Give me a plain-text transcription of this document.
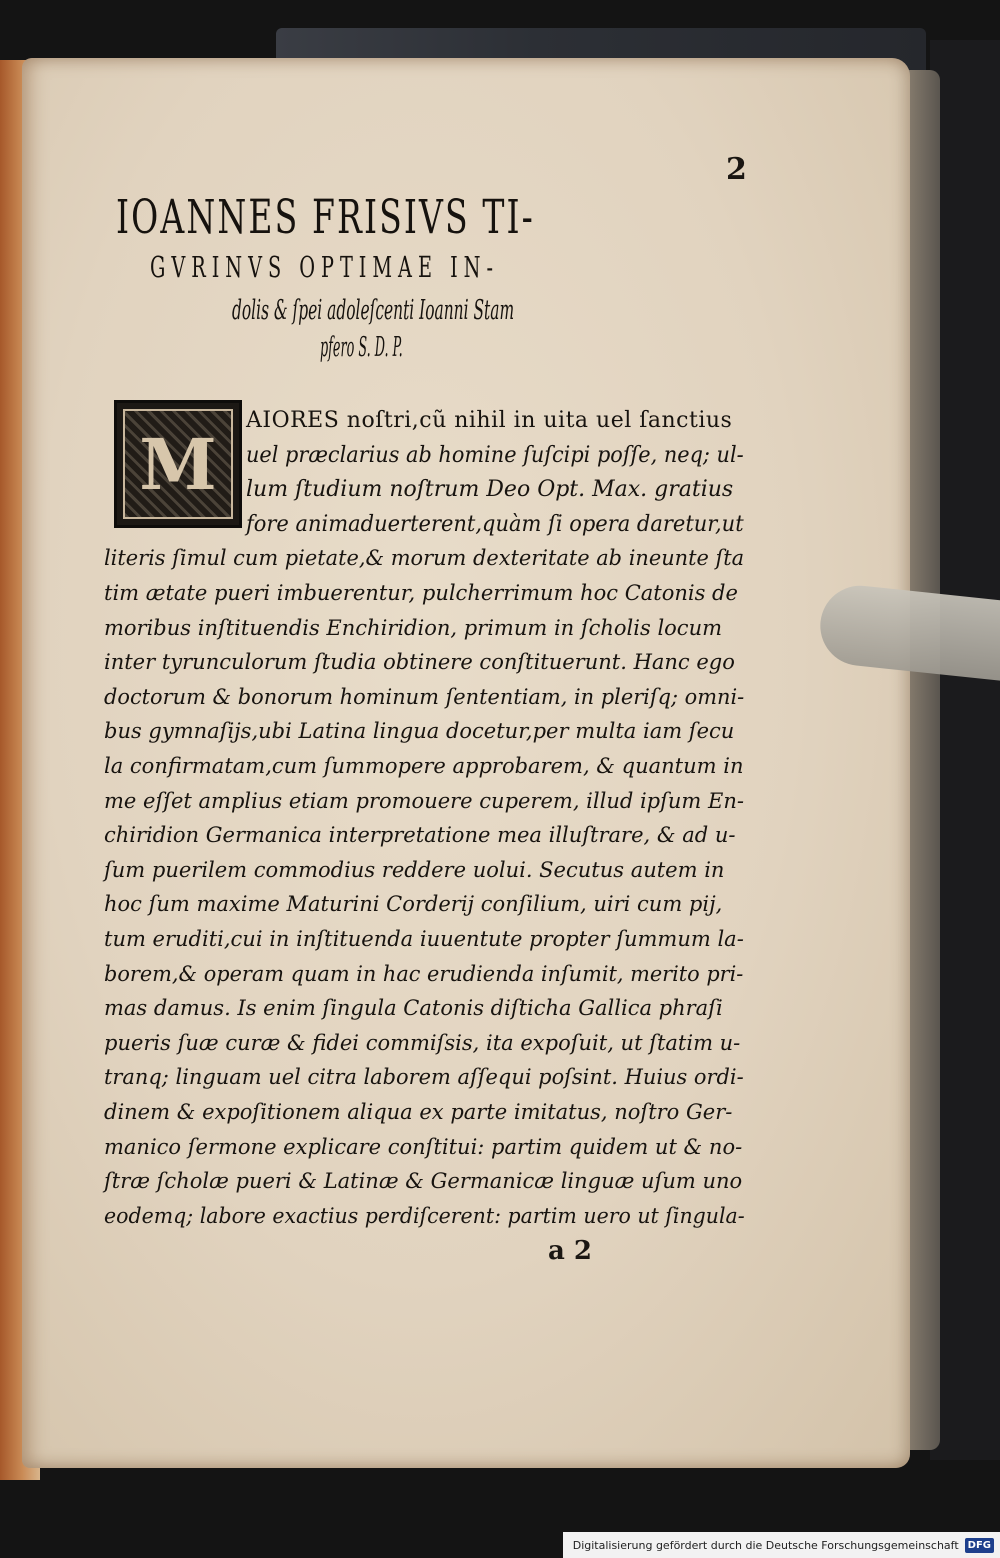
2
IOANNES FRISIVS TI-
GVRINVS OPTIMAE IN-
dolis & ſpei adoleſcenti Ioanni Stam
pfero S. D. P.
M
AIORES noſtri,cũ nihil in uita uel ſanctius
uel præclarius ab homine ſuſcipi poſſe, neq; ul-
lum ſtudium noſtrum Deo Opt. Max. gratius
fore animaduerterent,quàm ſi opera daretur,ut
literis ſimul cum pietate,& morum dexteritate ab ineunte ſta
tim ætate pueri imbuerentur, pulcherrimum hoc Catonis de
moribus inſtituendis Enchiridion, primum in ſcholis locum
inter tyrunculorum ſtudia obtinere conſtituerunt. Hanc ego
doctorum & bonorum hominum ſententiam, in pleriſq; omni-
bus gymnaſijs,ubi Latina lingua docetur,per multa iam ſecu
la confirmatam,cum ſummopere approbarem, & quantum in
me eſſet amplius etiam promouere cuperem, illud ipſum En-
chiridion Germanica interpretatione mea illuſtrare, & ad u-
ſum puerilem commodius reddere uolui. Secutus autem in
hoc ſum maxime Maturini Corderij conſilium, uiri cum pij,
tum eruditi,cui in inſtituenda iuuentute propter ſummum la-
borem,& operam quam in hac erudienda inſumit, merito pri-
mas damus. Is enim ſingula Catonis diſticha Gallica phraſi
pueris ſuæ curæ & fidei commiſsis, ita expoſuit, ut ſtatim u-
tranq; linguam uel citra laborem aſſequi poſsint. Huius ordi-
dinem & expoſitionem aliqua ex parte imitatus, noſtro Ger-
manico ſermone explicare conſtitui: partim quidem ut & no-
ſtræ ſcholæ pueri & Latinæ & Germanicæ linguæ uſum uno
eodemq; labore exactius perdiſcerent: partim uero ut ſingula-
a 2
Digitalisierung gefördert durch die Deutsche Forschungsgemeinschaft DFG
